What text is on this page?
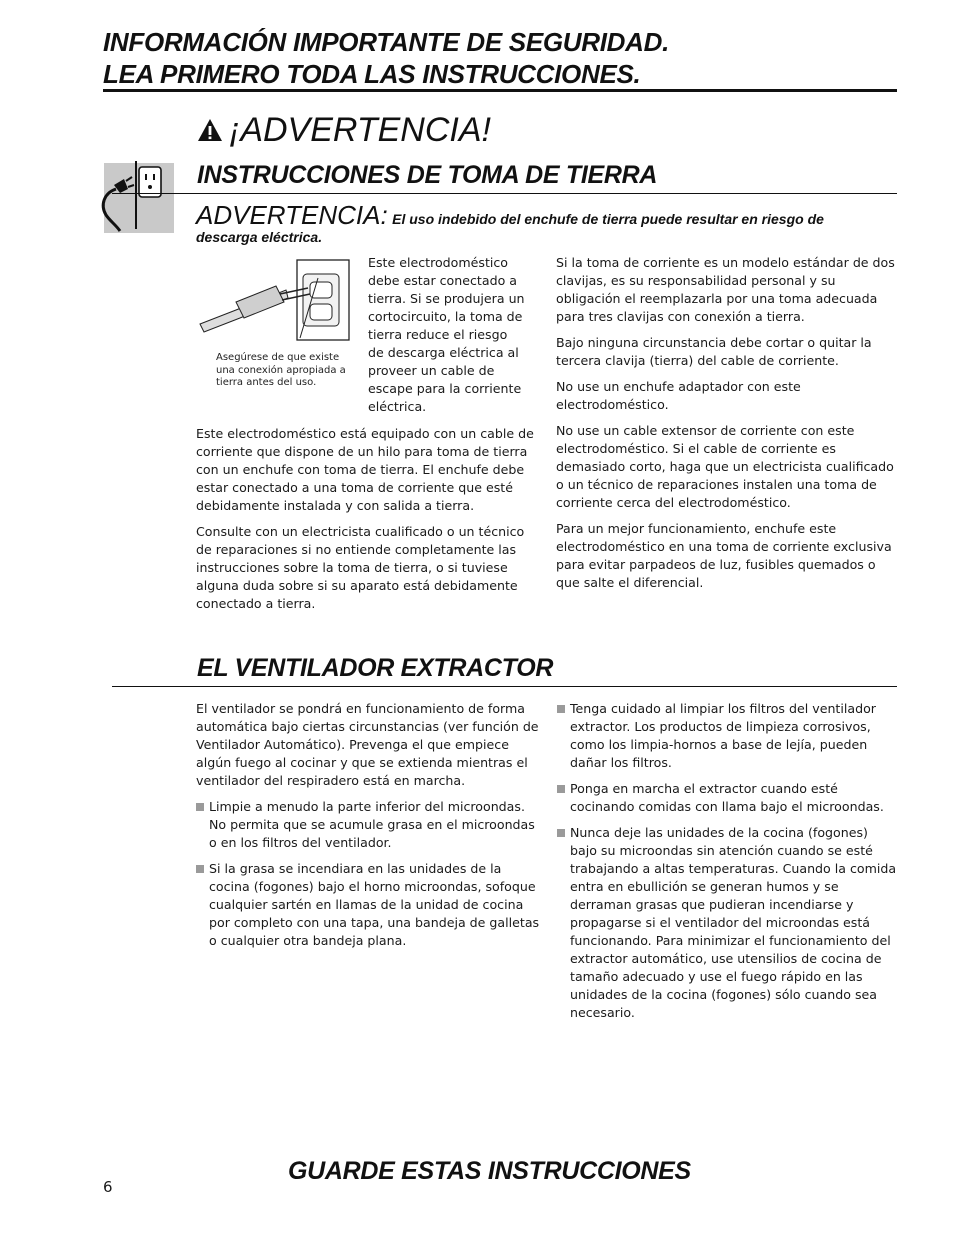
INFORMACIÓN IMPORTANTE DE SEGURIDAD.
LEA PRIMERO TODA LAS INSTRUCCIONES.
¡ADVERTENCIA!
INSTRUCCIONES DE TOMA DE TIERRA
ADVERTENCIA: El uso indebido del enchufe de tierra puede resultar en riesgo de
descarga eléctrica.
Asegúrese de que existe una conexión apropiada a tierra antes del uso.
Este electrodoméstico debe estar conectado a tierra. Si se produjera un cortocircuito, la toma de tierra reduce el riesgo de descarga eléctrica al proveer un cable de escape para la corriente eléctrica.

Este electrodoméstico está equipado con un cable de corriente que dispone de un hilo para toma de tierra con un enchufe con toma de tierra. El enchufe debe estar conectado a una toma de corriente que esté debidamente instalada y con salida a tierra.

Consulte con un electricista cualificado o un técnico de reparaciones si no entiende completamente las instrucciones sobre la toma de tierra, o si tuviese alguna duda sobre si su aparato está debidamente conectado a tierra.

Si la toma de corriente es un modelo estándar de dos clavijas, es su responsabilidad personal y su obligación el reemplazarla por una toma adecuada para tres clavijas con conexión a tierra.

Bajo ninguna circunstancia debe cortar o quitar la tercera clavija (tierra) del cable de corriente.

No use un enchufe adaptador con este electrodoméstico.

No use un cable extensor de corriente con este electrodoméstico. Si el cable de corriente es demasiado corto, haga que un electricista cualificado o un técnico de reparaciones instalen una toma de corriente cerca del electrodoméstico.

Para un mejor funcionamiento, enchufe este electrodoméstico en una toma de corriente exclusiva para evitar parpadeos de luz, fusibles quemados o que salte el diferencial.

EL VENTILADOR EXTRACTOR

El ventilador se pondrá en funcionamiento de forma automática bajo ciertas circunstancias (ver función de Ventilador Automático). Prevenga el que empiece algún fuego al cocinar y que se extienda mientras el ventilador del respiradero está en marcha.

Limpie a menudo la parte inferior del microondas. No permita que se acumule grasa en el microondas o en los filtros del ventilador.

Si la grasa se incendiara en las unidades de la cocina (fogones) bajo el horno microondas, sofoque cualquier sartén en llamas de la unidad de cocina por completo con una tapa, una bandeja de galletas o cualquier otra bandeja plana.

Tenga cuidado al limpiar los filtros del ventilador extractor. Los productos de limpieza corrosivos, como los limpia-hornos a base de lejía, pueden dañar los filtros.

Ponga en marcha el extractor cuando esté cocinando comidas con llama bajo el microondas.

Nunca deje las unidades de la cocina (fogones) bajo su microondas sin atención cuando se esté trabajando a altas temperaturas. Cuando la comida entra en ebullición se generan humos y se derraman grasas que pudieran incendiarse y propagarse si el ventilador del microondas está funcionando. Para minimizar el funcionamiento del extractor automático, use utensilios de cocina de tamaño adecuado y use el fuego rápido en las unidades de la cocina (fogones) sólo cuando sea necesario.

GUARDE ESTAS INSTRUCCIONES
6
